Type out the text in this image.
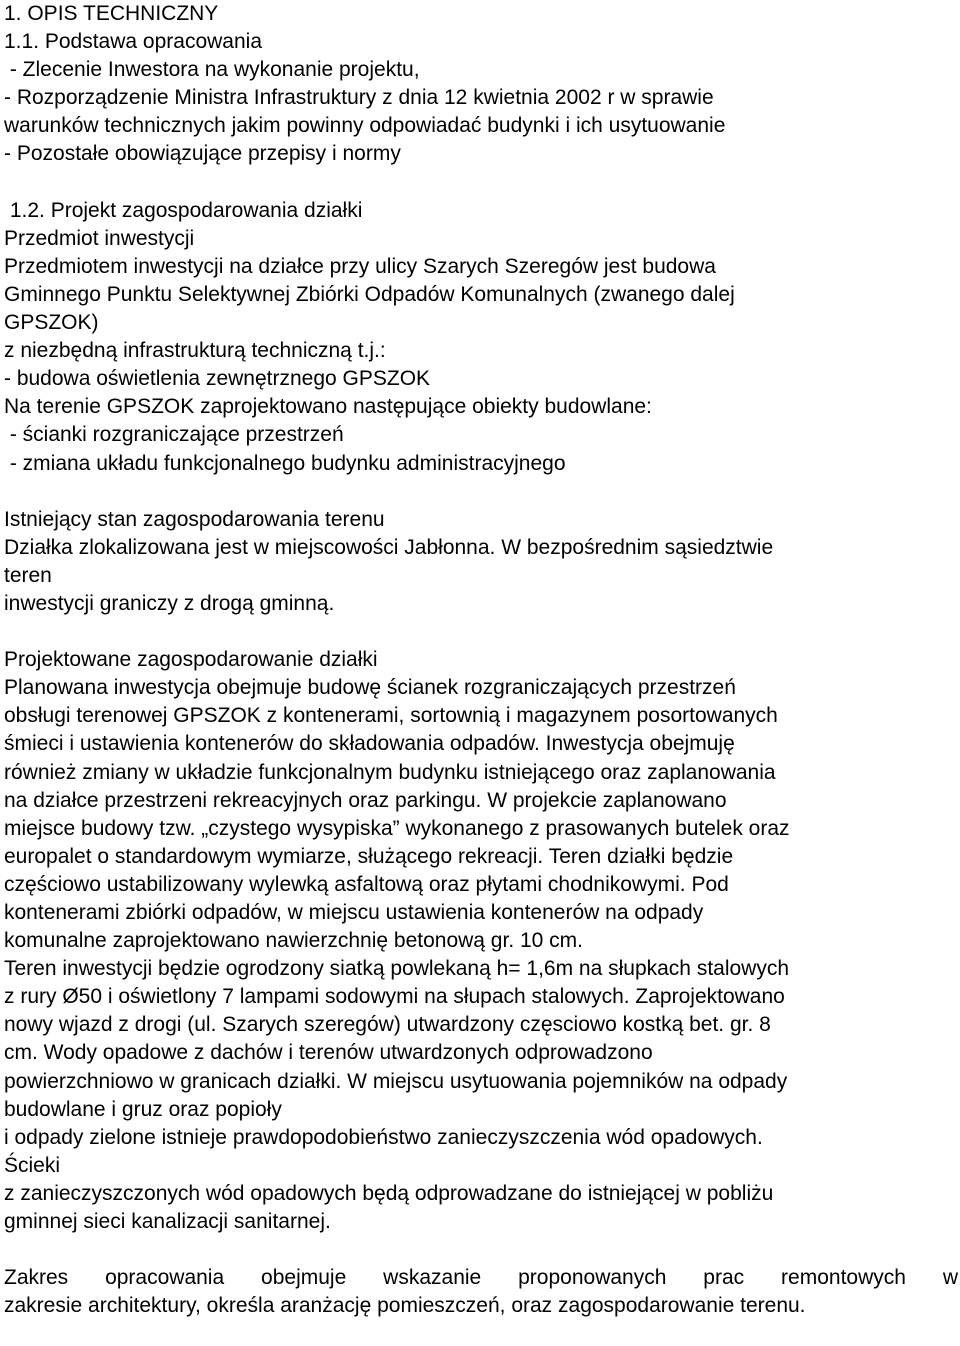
1. OPIS TECHNICZNY
1.1. Podstawa opracowania
- Zlecenie Inwestora na wykonanie projektu,
- Rozporządzenie Ministra Infrastruktury z dnia 12 kwietnia 2002 r w sprawie
warunków technicznych jakim powinny odpowiadać budynki i ich usytuowanie
- Pozostałe obowiązujące przepisy i normy
1.2. Projekt zagospodarowania działki
Przedmiot inwestycji
Przedmiotem inwestycji na działce przy ulicy Szarych Szeregów jest budowa
Gminnego Punktu Selektywnej Zbiórki Odpadów Komunalnych (zwanego dalej
GPSZOK)
z niezbędną infrastrukturą techniczną t.j.:
- budowa oświetlenia zewnętrznego GPSZOK
Na terenie GPSZOK zaprojektowano następujące obiekty budowlane:
- ścianki rozgraniczające przestrzeń
- zmiana układu funkcjonalnego budynku administracyjnego
Istniejący stan zagospodarowania terenu
Działka zlokalizowana jest w miejscowości Jabłonna. W bezpośrednim sąsiedztwie
teren
inwestycji graniczy z drogą gminną.
Projektowane zagospodarowanie działki
Planowana inwestycja obejmuje budowę ścianek rozgraniczających przestrzeń
obsługi terenowej GPSZOK z kontenerami, sortownią i magazynem posortowanych
śmieci i ustawienia kontenerów do składowania odpadów. Inwestycja obejmuję
również zmiany w układzie funkcjonalnym budynku istniejącego oraz zaplanowania
na działce przestrzeni rekreacyjnych oraz parkingu. W projekcie zaplanowano
miejsce budowy tzw. „czystego wysypiska” wykonanego z prasowanych butelek oraz
europalet o standardowym wymiarze, służącego rekreacji. Teren działki będzie
częściowo ustabilizowany wylewką asfaltową oraz płytami chodnikowymi. Pod
kontenerami zbiórki odpadów, w miejscu ustawienia kontenerów na odpady
komunalne zaprojektowano nawierzchnię betonową gr. 10 cm.
Teren inwestycji będzie ogrodzony siatką powlekaną h= 1,6m na słupkach stalowych
z rury Ø50 i oświetlony 7 lampami sodowymi na słupach stalowych. Zaprojektowano
nowy wjazd z drogi (ul. Szarych szeregów) utwardzony częsciowo kostką bet. gr. 8
cm. Wody opadowe z dachów i terenów utwardzonych odprowadzono
powierzchniowo w granicach działki. W miejscu usytuowania pojemników na odpady
budowlane i gruz oraz popioły
i odpady zielone istnieje prawdopodobieństwo zanieczyszczenia wód opadowych.
Ścieki
z zanieczyszczonych wód opadowych będą odprowadzane do istniejącej w pobliżu
gminnej sieci kanalizacji sanitarnej.
Zakres opracowania obejmuje wskazanie proponowanych prac remontowych w
zakresie architektury, określa aranżację pomieszczeń, oraz zagospodarowanie terenu.
